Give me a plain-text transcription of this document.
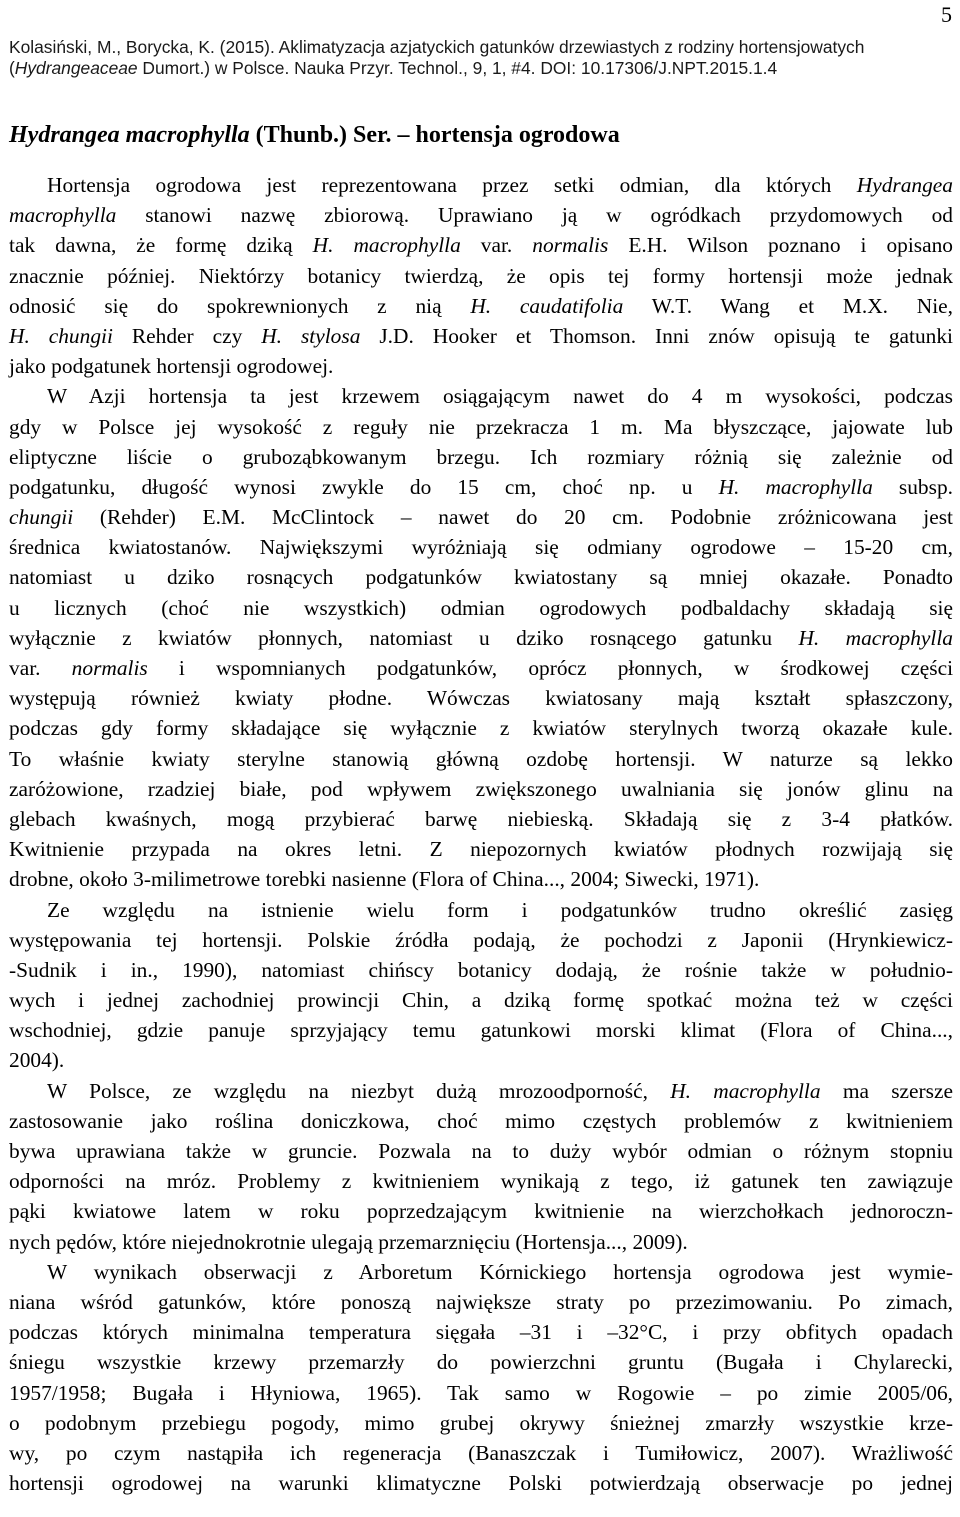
5
Kolasiński, M., Borycka, K. (2015). Aklimatyzacja azjatyckich gatunków drzewiastych z rodziny hortensjowatych
(Hydrangeaceae Dumort.) w Polsce. Nauka Przyr. Technol., 9, 1, #4. DOI: 10.17306/J.NPT.2015.1.4
Hydrangea macrophylla (Thunb.) Ser. – hortensja ogrodowa
Hortensja ogrodowa jest reprezentowana przez setki odmian, dla których Hydrangea
macrophylla stanowi nazwę zbiorową. Uprawiano ją w ogródkach przydomowych od
tak dawna, że formę dziką H. macrophylla var. normalis E.H. Wilson poznano i opisano
znacznie później. Niektórzy botanicy twierdzą, że opis tej formy hortensji może jednak
odnosić się do spokrewnionych z nią H. caudatifolia W.T. Wang et M.X. Nie,
H. chungii Rehder czy H. stylosa J.D. Hooker et Thomson. Inni znów opisują te gatunki
jako podgatunek hortensji ogrodowej.
W Azji hortensja ta jest krzewem osiągającym nawet do 4 m wysokości, podczas
gdy w Polsce jej wysokość z reguły nie przekracza 1 m. Ma błyszczące, jajowate lub
eliptyczne liście o gruboząbkowanym brzegu. Ich rozmiary różnią się zależnie od
podgatunku, długość wynosi zwykle do 15 cm, choć np. u H. macrophylla subsp.
chungii (Rehder) E.M. McClintock – nawet do 20 cm. Podobnie zróżnicowana jest
średnica kwiatostanów. Największymi wyróżniają się odmiany ogrodowe – 15-20 cm,
natomiast u dziko rosnących podgatunków kwiatostany są mniej okazałe. Ponadto
u licznych (choć nie wszystkich) odmian ogrodowych podbaldachy składają się
wyłącznie z kwiatów płonnych, natomiast u dziko rosnącego gatunku H. macrophylla
var. normalis i wspomnianych podgatunków, oprócz płonnych, w środkowej części
występują również kwiaty płodne. Wówczas kwiatosany mają kształt spłaszczony,
podczas gdy formy składające się wyłącznie z kwiatów sterylnych tworzą okazałe kule.
To właśnie kwiaty sterylne stanowią główną ozdobę hortensji. W naturze są lekko
zaróżowione, rzadziej białe, pod wpływem zwiększonego uwalniania się jonów glinu na
glebach kwaśnych, mogą przybierać barwę niebieską. Składają się z 3-4 płatków.
Kwitnienie przypada na okres letni. Z niepozornych kwiatów płodnych rozwijają się
drobne, około 3-milimetrowe torebki nasienne (Flora of China..., 2004; Siwecki, 1971).
Ze względu na istnienie wielu form i podgatunków trudno określić zasięg
występowania tej hortensji. Polskie źródła podają, że pochodzi z Japonii (Hrynkiewicz-
-Sudnik i in., 1990), natomiast chińscy botanicy dodają, że rośnie także w południo-
wych i jednej zachodniej prowincji Chin, a dziką formę spotkać można też w części
wschodniej, gdzie panuje sprzyjający temu gatunkowi morski klimat (Flora of China...,
2004).
W Polsce, ze względu na niezbyt dużą mrozoodporność, H. macrophylla ma szersze
zastosowanie jako roślina doniczkowa, choć mimo częstych problemów z kwitnieniem
bywa uprawiana także w gruncie. Pozwala na to duży wybór odmian o różnym stopniu
odporności na mróz. Problemy z kwitnieniem wynikają z tego, iż gatunek ten zawiązuje
pąki kwiatowe latem w roku poprzedzającym kwitnienie na wierzchołkach jednoroczn-
nych pędów, które niejednokrotnie ulegają przemarznięciu (Hortensja..., 2009).
W wynikach obserwacji z Arboretum Kórnickiego hortensja ogrodowa jest wymie-
niana wśród gatunków, które ponoszą największe straty po przezimowaniu. Po zimach,
podczas których minimalna temperatura sięgała –31 i –32°C, i przy obfitych opadach
śniegu wszystkie krzewy przemarzły do powierzchni gruntu (Bugała i Chylarecki,
1957/1958; Bugała i Hłyniowa, 1965). Tak samo w Rogowie – po zimie 2005/06,
o podobnym przebiegu pogody, mimo grubej okrywy śnieżnej zmarzły wszystkie krze-
wy, po czym nastąpiła ich regeneracja (Banaszczak i Tumiłowicz, 2007). Wrażliwość
hortensji ogrodowej na warunki klimatyczne Polski potwierdzają obserwacje po jednej
